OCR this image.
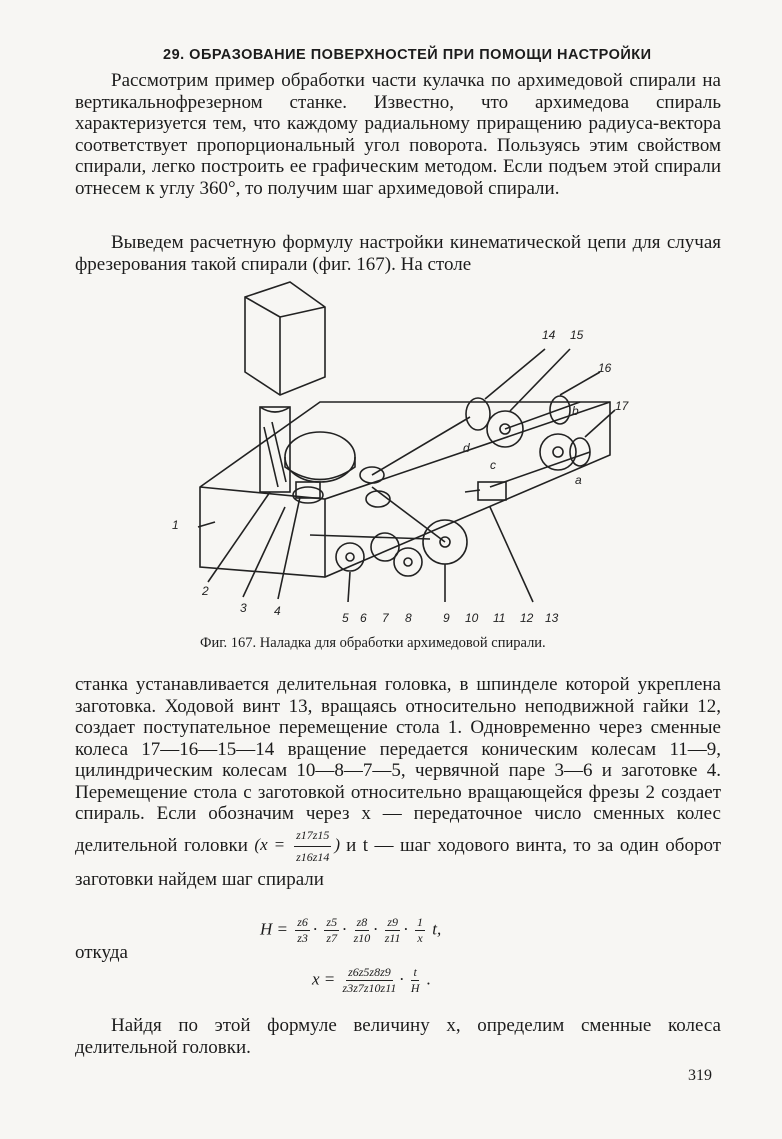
29. ОБРАЗОВАНИЕ ПОВЕРХНОСТЕЙ ПРИ ПОМОЩИ НАСТРОЙКИ

Рассмотрим пример обработки части кулачка по архимедовой спирали на вертикальнофрезерном станке. Известно, что архимедова спираль характеризуется тем, что каждому радиальному приращению радиуса-вектора соответствует пропорциональный угол поворота. Пользуясь этим свойством спирали, легко построить ее графическим методом. Если подъем этой спирали отнесем к углу 360°, то получим шаг архимедовой спирали.

Выведем расчетную формулу настройки кинематической цепи для случая фрезерования такой спирали (фиг. 167). На столе

14 15
16
17
1
d
c
b
a
2
3 4	5 6 7 8	9 10 11 12 13
Фиг. 167. Наладка для обработки архимедовой спирали.

станка устанавливается делительная головка, в шпинделе которой укреплена заготовка. Ходовой винт 13, вращаясь относительно неподвижной гайки 12, создает поступательное перемещение стола 1. Одновременно через сменные колеса 17—16—15—14 вращение передается коническим колесам 11—9, цилиндрическим колесам 10—8—7—5, червячной паре 3—6 и заготовке 4. Перемещение стола с заготовкой относительно вращающейся фрезы 2 создает спираль. Если обозначим через x — передаточное число сменных колес делительной головки ($x = \frac{z17z15}{z16z14}$ ) и t — шаг ходового винта, то за один оборот заготовки найдем шаг спирали

$H = \frac{z6}{z3} \cdot \frac{z5}{z7} \cdot \frac{z8}{z10} \cdot \frac{z9}{z11} \cdot \frac{1}{x} t$,
откуда
$x = \frac{z6z5z8z9}{z3z7z10z11} \cdot \frac{t}{H}$ .

Найдя по этой формуле величину x, определим сменные колеса делительной головки.

319
